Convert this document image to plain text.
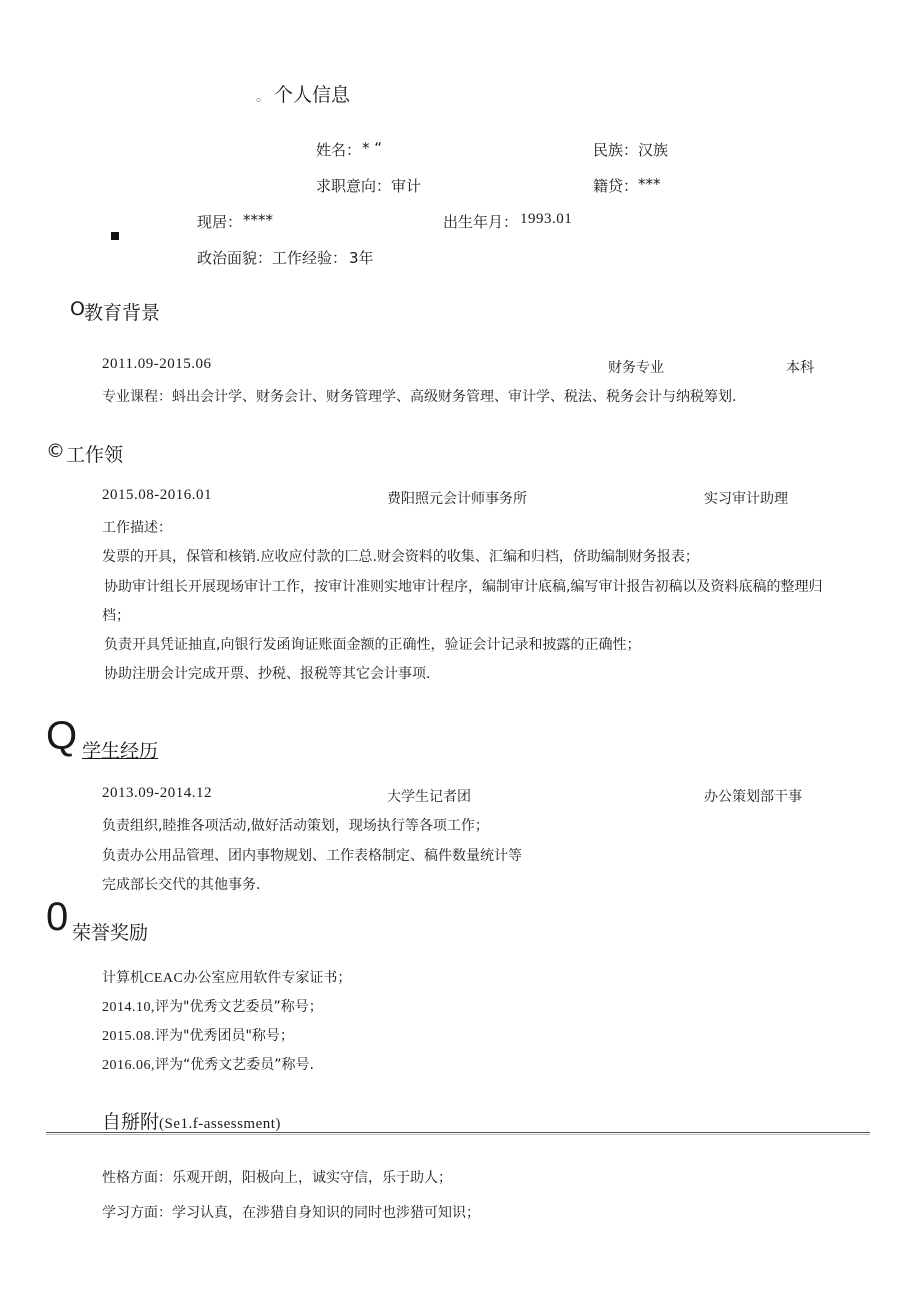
。 个人信息
姓名： * “	民族： 汉族
求职意向： 审计	籍贷： ***
现居： ****	出生年月： 1993.01
政治面貌： 工作经验： 3年
O 教育背景
2011.09-2015.06	财务专业	本科
专业课程：蚪出会计学、财务会计、财务管理学、高级财务管理、审计学、税法、税务会计与纳税筹划.
© 工作领
2015.08-2016.01	费阳照元会计师事务所	实习审计助理
工作描述：
发票的开具，保管和核销.应收应付款的匚总.财会资料的收集、汇编和归档，侪助编制财务报表；
协助审计组长开展现场审计工作，按审计准则实地审计程序，编制审计底稿,编写审计报告初稿以及资料底稿的整理归
档；
负责开具凭证抽直,向银行发函询证账面金额的正确性，验证会计记录和披露的正确性；
协助注册会计完成开票、抄税、报税等其它会计事项.
Q 学生经历
2013.09-2014.12	大学生记者团	办公策划部干事
负责组织,睦推各项活动,做好活动策划，现场执行等各项工作；
负责办公用品管理、团内事物规划、工作表格制定、稿件数量统计等
完成部长交代的其他事务.
0 荣誉奖励
计算机CEAC办公室应用软件专家证书；
2014.10,评为"优秀文艺委员”称号；
2015.08.评为"优秀团员"称号；
2016.06,评为“优秀文艺委员”称号.
自掰附(Se1.f-assessment)
性格方面：乐观开朗，阳极向上，诚实守信，乐于助人；
学习方面：学习认真，在涉猎自身知识的同时也涉猎可知识；
